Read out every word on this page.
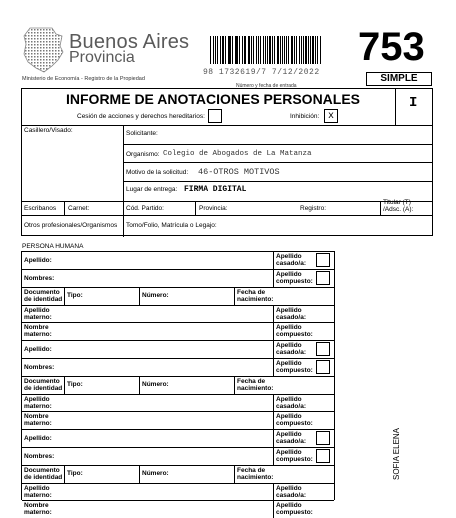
Buenos Aires
Provincia
Ministerio de Economía - Registro de la Propiedad
98 1732619/7 7/12/2022
Número y fecha de entrada
753
SIMPLE
INFORME DE ANOTACIONES PERSONALES	I
Cesión de acciones y derechos hereditarios:	Inhibición: x
Casillero/Visado:	Solicitante:
Organismo: Colegio de Abogados de La Matanza
Motivo de la solicitud: 46-OTROS MOTIVOS
Lugar de entrega: FIRMA DIGITAL
Escribanos Carnet:	Cód. Partido:	Provincia:	Registro:
Titular (T)
/Adsc. (A):
Otros profesionales/Organismos Tomo/Folio, Matrícula o Legajo:
PERSONA HUMANA
Apellido:
Apellido
casado/a:
Nombres:
Apellido
compuesto:
Documento
de identidad
Tipo:	Número:	Fecha de
nacimiento:
Apellido
materno:
Apellido
casado/a:
Nombre
materno:
Apellido
compuesto:
Apellido:
Apellido
casado/a:
Nombres:
Apellido
compuesto:
Documento
de identidad
Tipo:	Número:	Fecha de
nacimiento:
Apellido
materno:
Apellido
casado/a:
Nombre
materno:
Apellido
compuesto:
Apellido:
Apellido
casado/a:
Nombres:
Apellido
compuesto:
Documento
de identidad
Tipo:	Número:	Fecha de
nacimiento:
Apellido
materno:
Apellido
casado/a:
Nombre
materno:
Apellido
compuesto:
SOFIA ELENA
